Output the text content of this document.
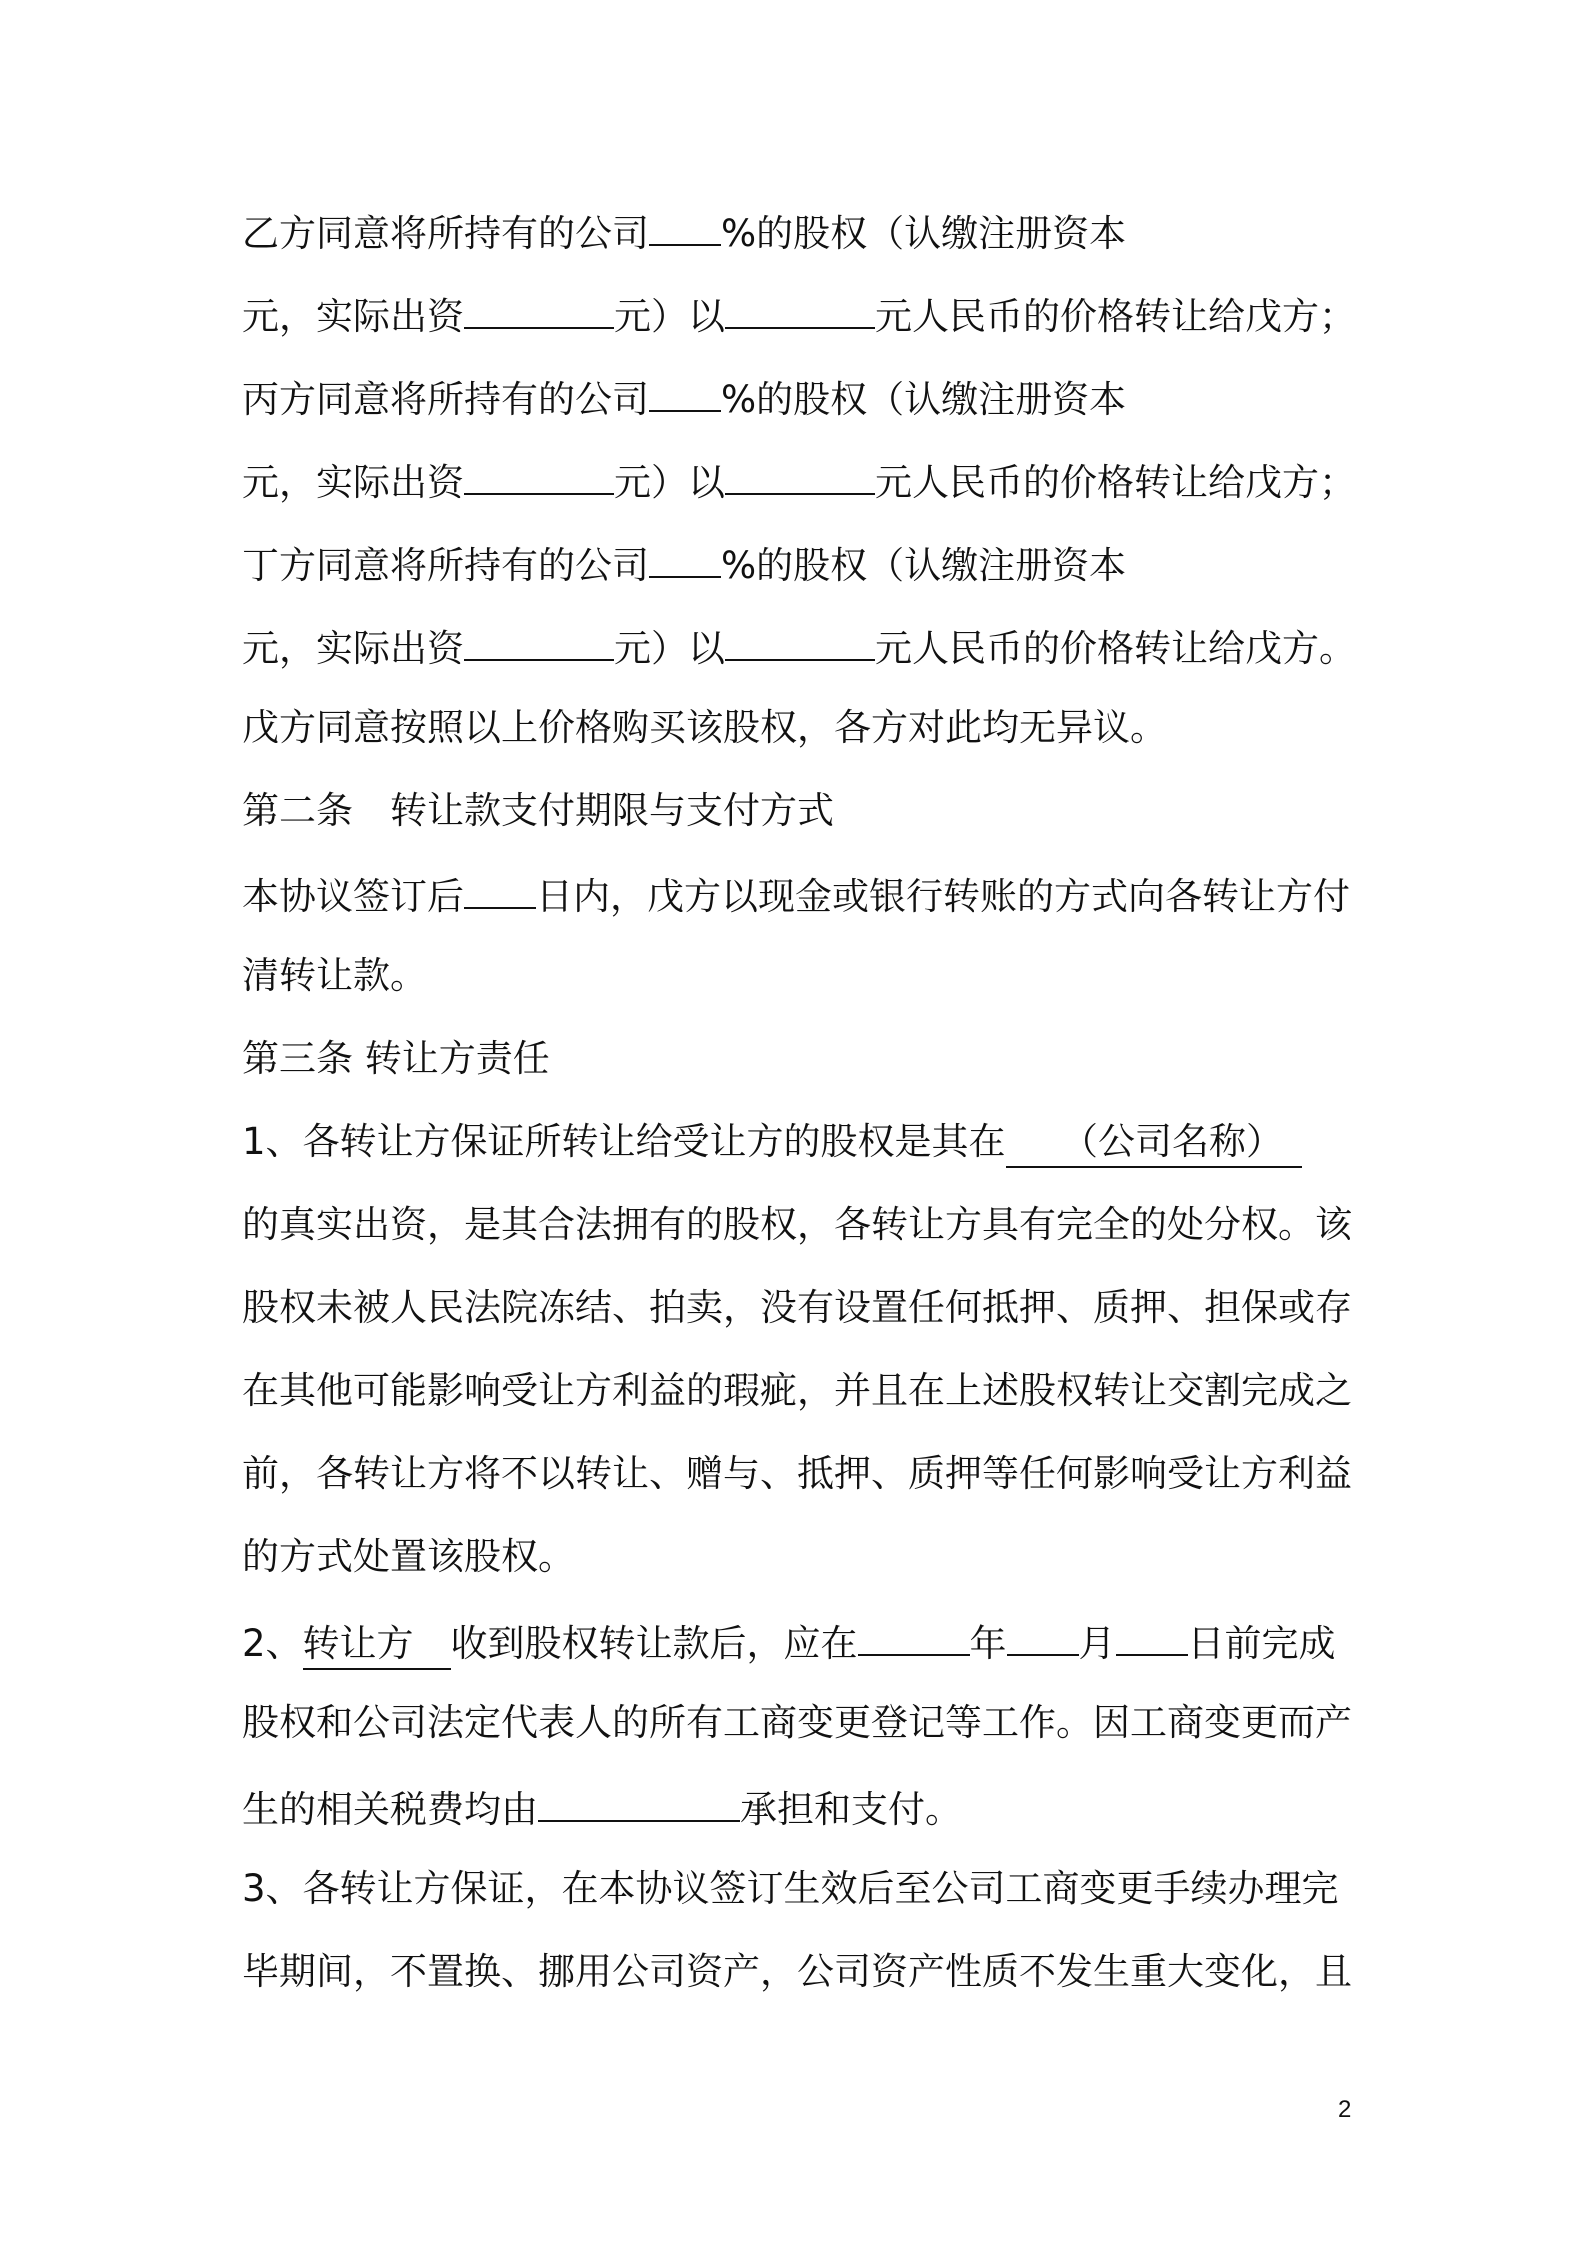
乙方同意将所持有的公司 %的股权（认缴注册资本
元，实际出资	元）以	元人民币的价格转让给戊方；
丙方同意将所持有的公司 %的股权（认缴注册资本
元，实际出资	元）以	元人民币的价格转让给戊方；
丁方同意将所持有的公司 %的股权（认缴注册资本
元，实际出资	元）以	元人民币的价格转让给戊方。
戊方同意按照以上价格购买该股权，各方对此均无异议。
第二条　转让款支付期限与支付方式
本协议签订后 日内，戊方以现金或银行转账的方式向各转让方付
清转让款。
第三条 转让方责任
1、各转让方保证所转让给受让方的股权是其在　　（公司名称）　
的真实出资，是其合法拥有的股权，各转让方具有完全的处分权。该
股权未被人民法院冻结、拍卖，没有设置任何抵押、质押、担保或存
在其他可能影响受让方利益的瑕疵，并且在上述股权转让交割完成之
前，各转让方将不以转让、赠与、抵押、质押等任何影响受让方利益
的方式处置该股权。
2、转让方　收到股权转让款后，应在	年 月 日前完成
股权和公司法定代表人的所有工商变更登记等工作。因工商变更而产
生的相关税费均由	承担和支付。
3、各转让方保证，在本协议签订生效后至公司工商变更手续办理完
毕期间，不置换、挪用公司资产，公司资产性质不发生重大变化，且
2
